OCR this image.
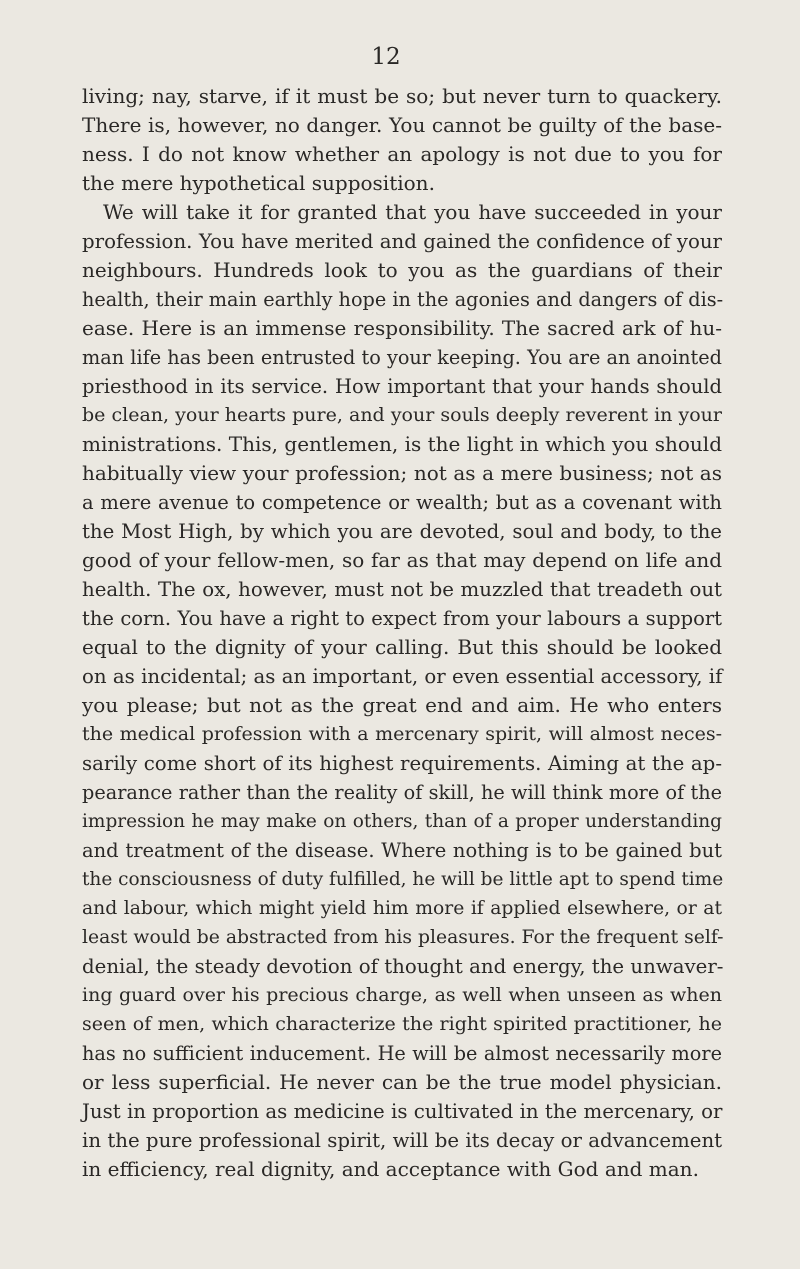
12
living; nay, starve, if it must be so; but never turn to quackery.
There is, however, no danger. You cannot be guilty of the base-
ness. I do not know whether an apology is not due to you for
the mere hypothetical supposition.
We will take it for granted that you have succeeded in your
profession. You have merited and gained the confidence of your
neighbours. Hundreds look to you as the guardians of their
health, their main earthly hope in the agonies and dangers of dis-
ease. Here is an immense responsibility. The sacred ark of hu-
man life has been entrusted to your keeping. You are an anointed
priesthood in its service. How important that your hands should
be clean, your hearts pure, and your souls deeply reverent in your
ministrations. This, gentlemen, is the light in which you should
habitually view your profession; not as a mere business; not as
a mere avenue to competence or wealth; but as a covenant with
the Most High, by which you are devoted, soul and body, to the
good of your fellow-men, so far as that may depend on life and
health. The ox, however, must not be muzzled that treadeth out
the corn. You have a right to expect from your labours a support
equal to the dignity of your calling. But this should be looked
on as incidental; as an important, or even essential accessory, if
you please; but not as the great end and aim. He who enters
the medical profession with a mercenary spirit, will almost neces-
sarily come short of its highest requirements. Aiming at the ap-
pearance rather than the reality of skill, he will think more of the
impression he may make on others, than of a proper understanding
and treatment of the disease. Where nothing is to be gained but
the consciousness of duty fulfilled, he will be little apt to spend time
and labour, which might yield him more if applied elsewhere, or at
least would be abstracted from his pleasures. For the frequent self-
denial, the steady devotion of thought and energy, the unwaver-
ing guard over his precious charge, as well when unseen as when
seen of men, which characterize the right spirited practitioner, he
has no sufficient inducement. He will be almost necessarily more
or less superficial. He never can be the true model physician.
Just in proportion as medicine is cultivated in the mercenary, or
in the pure professional spirit, will be its decay or advancement
in efficiency, real dignity, and acceptance with God and man.
